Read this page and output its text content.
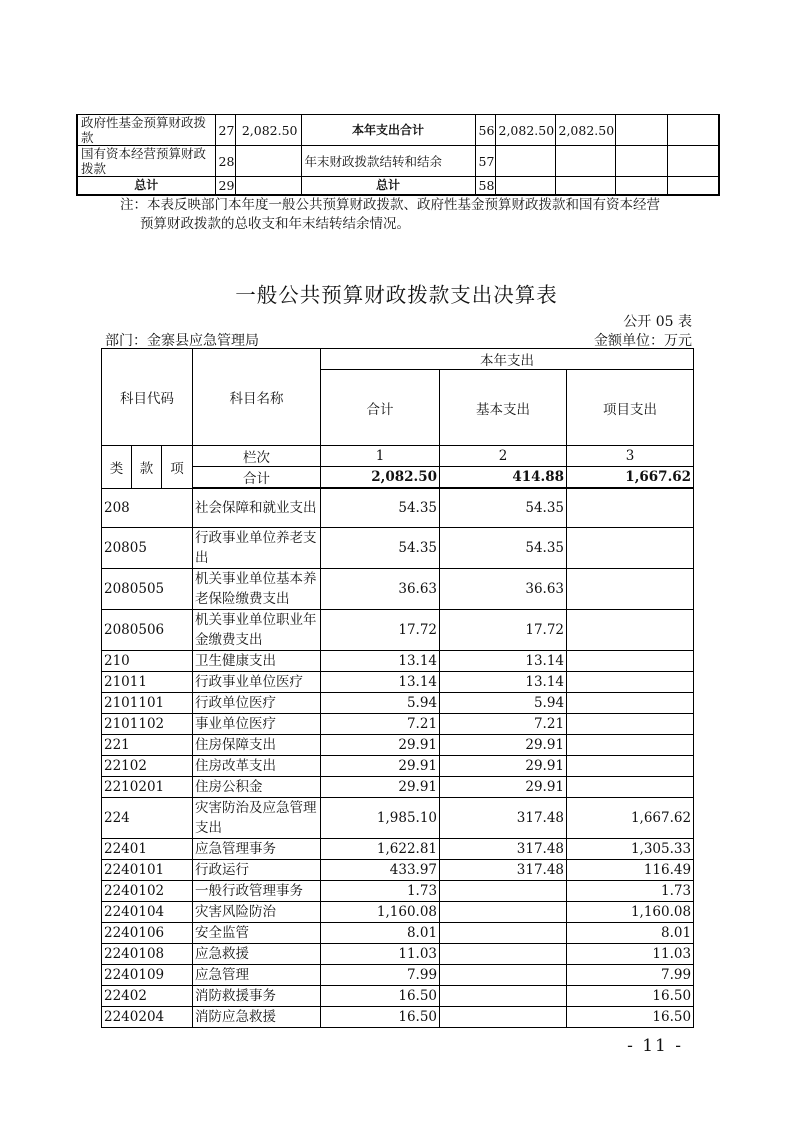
政府性基金预算财政拨款	27	2,082.50	本年支出合计	56	2,082.50	2,082.50		
国有资本经营预算财政拨款	28		年末财政拨款结转和结余	57				
总计	29		总计	58				

注：本表反映部门本年度一般公共预算财政拨款、政府性基金预算财政拨款和国有资本经营

预算财政拨款的总收支和年末结转结余情况。

一般公共预算财政拨款支出决算表
公开 05 表
部门：金寨县应急管理局	金额单位：万元
科目代码			科目名称	本年支出		
				合计	基本支出	项目支出
类	款	项	栏次	1	2	3
			合计	2,082.50	414.88	1,667.62
208			社会保障和就业支出	54.35	54.35	
20805			行政事业单位养老支出	54.35	54.35	
2080505			机关事业单位基本养老保险缴费支出	36.63	36.63	
2080506			机关事业单位职业年金缴费支出	17.72	17.72	
210			卫生健康支出	13.14	13.14	
21011			行政事业单位医疗	13.14	13.14	
2101101			行政单位医疗	5.94	5.94	
2101102			事业单位医疗	7.21	7.21	
221			住房保障支出	29.91	29.91	
22102			住房改革支出	29.91	29.91	
2210201			住房公积金	29.91	29.91	
224			灾害防治及应急管理支出	1,985.10	317.48	1,667.62
22401			应急管理事务	1,622.81	317.48	1,305.33
2240101			行政运行	433.97	317.48	116.49
2240102			一般行政管理事务	1.73		1.73
2240104			灾害风险防治	1,160.08		1,160.08
2240106			安全监管	8.01		8.01
2240108			应急救援	11.03		11.03
2240109			应急管理	7.99		7.99
22402			消防救援事务	16.50		16.50
2240204			消防应急救援	16.50		16.50
- 11 -
